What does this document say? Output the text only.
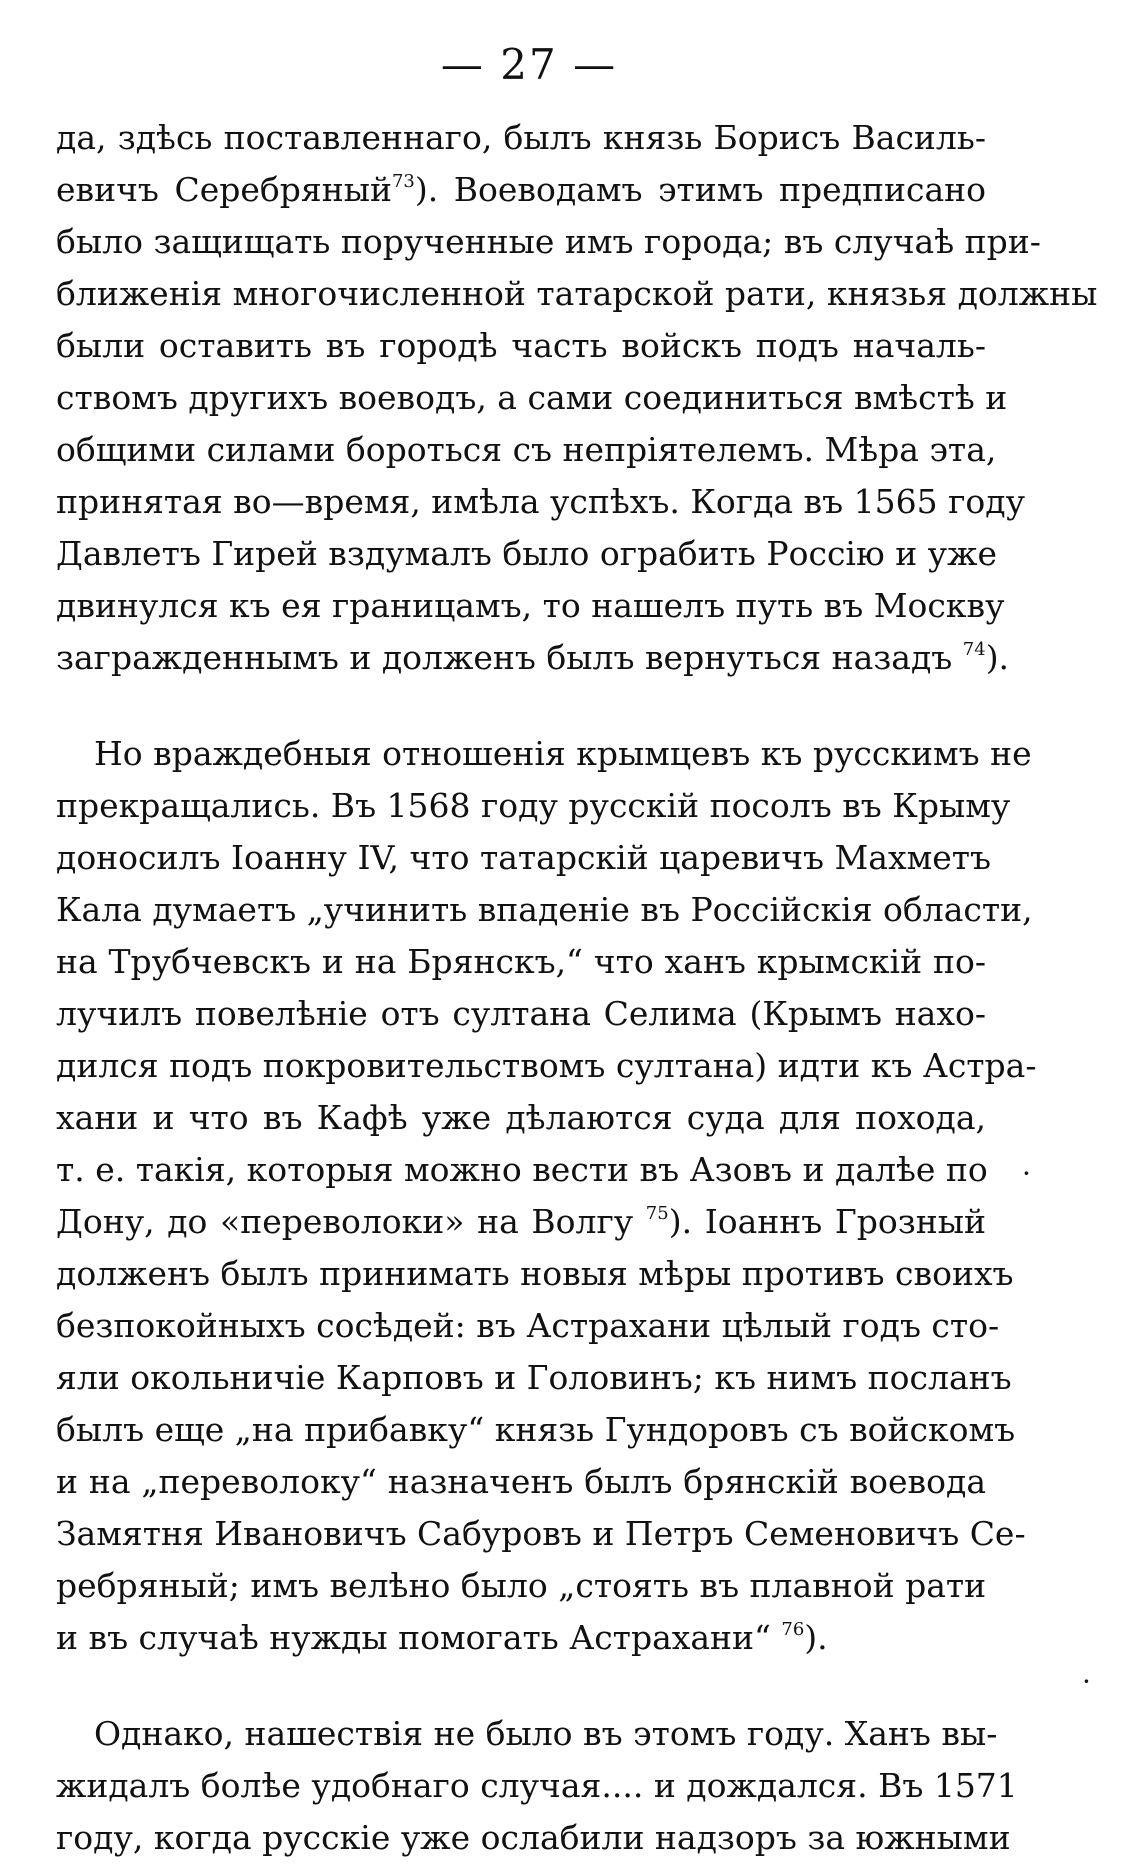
— 27 —
да, здѣсь поставленнаго, былъ князь Борисъ Василь-
евичъ Серебряный$^{73}$). Воеводамъ этимъ предписано
было защищать порученные имъ города; въ случаѣ при-
ближенія многочисленной татарской рати, князья должны
были оставить въ городѣ часть войскъ подъ началь-
ствомъ другихъ воеводъ, а сами соединиться вмѣстѣ и
общими силами бороться съ непріятелемъ. Мѣра эта,
принятая во—время, имѣла успѣхъ. Когда въ 1565 году
Давлетъ Гирей вздумалъ было ограбить Россію и уже
двинулся къ ея границамъ, то нашелъ путь въ Москву
загражденнымъ и долженъ былъ вернуться назадъ $^{74}$).
Но враждебныя отношенія крымцевъ къ русскимъ не
прекращались. Въ 1568 году русскій посолъ въ Крыму
доносилъ Іоанну IV, что татарскій царевичъ Махметъ
Кала думаетъ „учинить впаденіе въ Россійскія области,
на Трубчевскъ и на Брянскъ,“ что ханъ крымскій по-
лучилъ повелѣніе отъ султана Селима (Крымъ нахо-
дился подъ покровительствомъ султана) идти къ Астра-
хани и что въ Кафѣ уже дѣлаются суда для похода,
т. е. такія, которыя можно вести въ Азовъ и далѣе по
Дону, до «переволоки» на Волгу $^{75}$). Іоаннъ Грозный
долженъ былъ принимать новыя мѣры противъ своихъ
безпокойныхъ сосѣдей: въ Астрахани цѣлый годъ сто-
яли окольничіе Карповъ и Головинъ; къ нимъ посланъ
былъ еще „на прибавку“ князь Гундоровъ съ войскомъ
и на „переволоку“ назначенъ былъ брянскій воевода
Замятня Ивановичъ Сабуровъ и Петръ Семеновичъ Се-
ребряный; имъ велѣно было „стоять въ плавной рати
и въ случаѣ нужды помогать Астрахани“ $^{76}$).
Однако, нашествія не было въ этомъ году. Ханъ вы-
жидалъ болѣе удобнаго случая.... и дождался. Въ 1571
году, когда русскіе уже ослабили надзоръ за южными
·
·
